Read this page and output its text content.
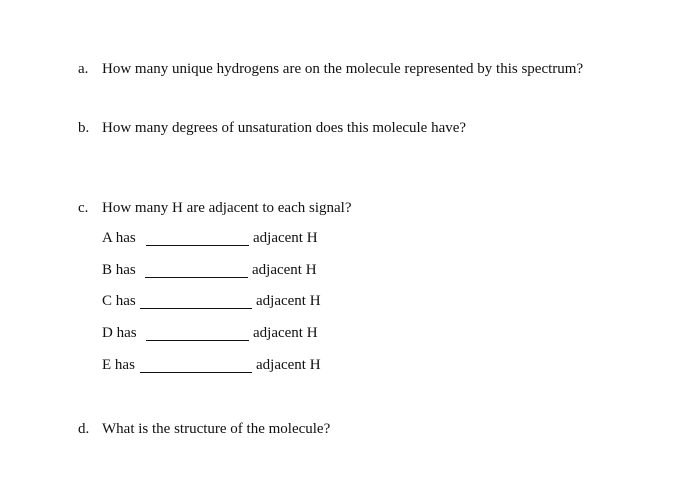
a. How many unique hydrogens are on the molecule represented by this spectrum?
b. How many degrees of unsaturation does this molecule have?
c. How many H are adjacent to each signal?
A has	adjacent H
B has	adjacent H
C has	adjacent H
D has	adjacent H
E has	adjacent H
d. What is the structure of the molecule?
